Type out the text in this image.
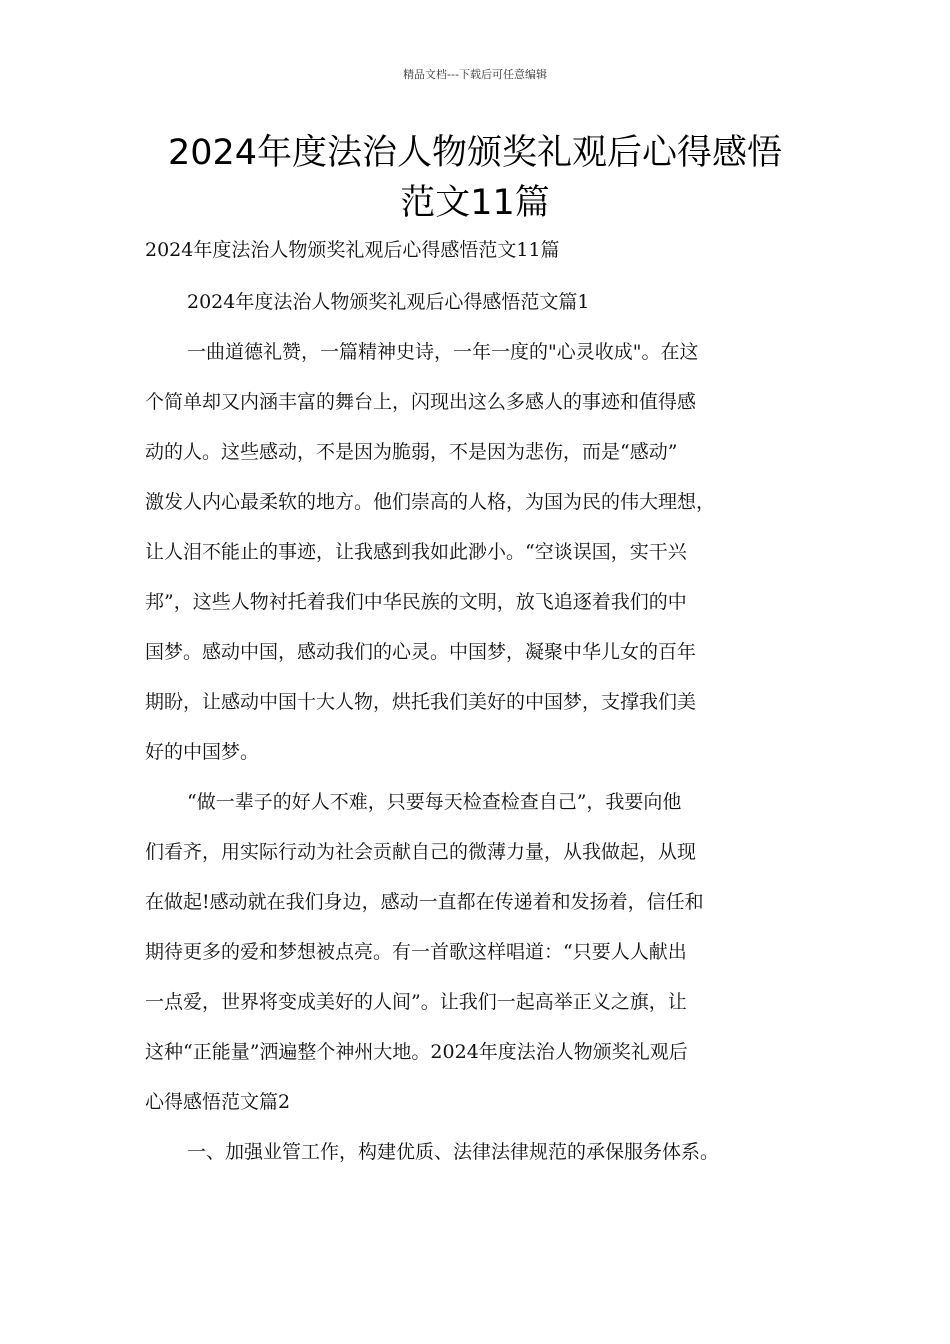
精品文档---下载后可任意编辑
2024年度法治人物颁奖礼观后心得感悟
范文11篇
2024年度法治人物颁奖礼观后心得感悟范文11篇
2024年度法治人物颁奖礼观后心得感悟范文篇1
一曲道德礼赞，一篇精神史诗，一年一度的"心灵收成"。在这
个简单却又内涵丰富的舞台上，闪现出这么多感人的事迹和值得感
动的人。这些感动，不是因为脆弱，不是因为悲伤，而是“感动”
激发人内心最柔软的地方。他们崇高的人格，为国为民的伟大理想，
让人泪不能止的事迹，让我感到我如此渺小。“空谈误国，实干兴
邦”，这些人物衬托着我们中华民族的文明，放飞追逐着我们的中
国梦。感动中国，感动我们的心灵。中国梦，凝聚中华儿女的百年
期盼，让感动中国十大人物，烘托我们美好的中国梦，支撑我们美
好的中国梦。
“做一辈子的好人不难，只要每天检查检查自己”，我要向他
们看齐，用实际行动为社会贡献自己的微薄力量，从我做起，从现
在做起!感动就在我们身边，感动一直都在传递着和发扬着，信任和
期待更多的爱和梦想被点亮。有一首歌这样唱道：“只要人人献出
一点爱，世界将变成美好的人间”。让我们一起高举正义之旗，让
这种“正能量”洒遍整个神州大地。2024年度法治人物颁奖礼观后
心得感悟范文篇2
一、加强业管工作，构建优质、法律法律规范的承保服务体系。
